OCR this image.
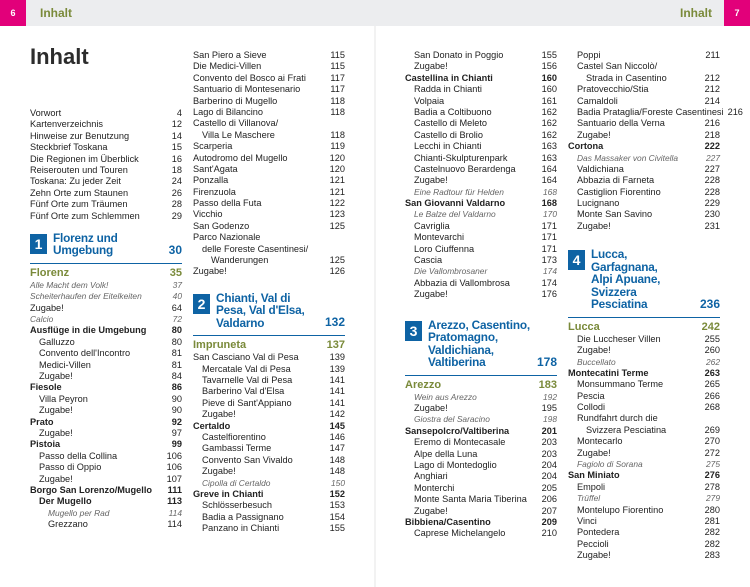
6	Inhalt	Inhalt	7
Inhalt
Vorwort	4
Kartenverzeichnis	12
Hinweise zur Benutzung	14
Steckbrief Toskana	15
Die Regionen im Überblick	16
Reiserouten und Touren	18
Toskana: Zu jeder Zeit	24
Zehn Orte zum Staunen	26
Fünf Orte zum Träumen	28
Fünf Orte zum Schlemmen	29
1 Florenz und
Umgebung	30
Florenz	35
Alle Macht dem Volk!	37
Scheiterhaufen der Eitelkeiten	40
Zugabe!	64
Calcio	72
Ausflüge in die Umgebung	80
Galluzzo	80
Convento dell'Incontro	81
Medici-Villen	81
Zugabe!	84
Fiesole	86
Villa Peyron	90
Zugabe!	90
Prato	92
Zugabe!	97
Pistoia	99
Passo della Collina	106
Passo di Oppio	106
Zugabe!	107
Borgo San Lorenzo/Mugello	111
Der Mugello	113
Mugello per Rad	114
Grezzano	114
San Piero a Sieve	115
Die Medici-Villen	115
Convento del Bosco ai Frati	117
Santuario di Montesenario	117
Barberino di Mugello	118
Lago di Bilancino	118
Castello di Villanova/
Villa Le Maschere	118
Scarperia	119
Autodromo del Mugello	120
Sant'Agata	120
Ponzalla	121
Firenzuola	121
Passo della Futa	122
Vicchio	123
San Godenzo	125
Parco Nazionale
delle Foreste Casentinesi/
Wanderungen	125
Zugabe!	126
2 Chianti, Val di
Pesa, Val d'Elsa,
Valdarno	132
Impruneta	137
San Casciano Val di Pesa	139
Mercatale Val di Pesa	139
Tavarnelle Val di Pesa	141
Barberino Val d'Elsa	141
Pieve di Sant'Appiano	141
Zugabe!	142
Certaldo	145
Castelfiorentino	146
Gambassi Terme	147
Convento San Vivaldo	148
Zugabe!	148
Cipolla di Certaldo	150
Greve in Chianti	152
Schlösserbesuch	153
Badia a Passignano	154
Panzano in Chianti	155
San Donato in Poggio	155
Zugabe!	156
Castellina in Chianti	160
Radda in Chianti	160
Volpaia	161
Badia a Coltibuono	162
Castello di Meleto	162
Castello di Brolio	162
Lecchi in Chianti	163
Chianti-Skulpturenpark	163
Castelnuovo Berardenga	164
Zugabe!	164
Eine Radtour für Helden	168
San Giovanni Valdarno	168
Le Balze del Valdarno	170
Cavriglia	171
Montevarchi	171
Loro Ciuffenna	171
Cascia	173
Die Vallombrosaner	174
Abbazia di Vallombrosa	174
Zugabe!	176
3 Arezzo, Casentino,
Pratomagno,
Valdichiana,
Valtiberina	178
Arezzo	183
Wein aus Arezzo	192
Zugabe!	195
Giostra del Saracino	198
Sansepolcro/Valtiberina	201
Eremo di Montecasale	203
Alpe della Luna	203
Lago di Montedoglio	204
Anghiari	204
Monterchi	205
Monte Santa Maria Tiberina	206
Zugabe!	207
Bibbiena/Casentino	209
Caprese Michelangelo	210
Poppi	211
Castel San Niccolò/
Strada in Casentino	212
Pratovecchio/Stia	212
Camaldoli	214
Badia Prataglia/Foreste Casentinesi 216
Santuario della Verna	216
Zugabe!	218
Cortona	222
Das Massaker von Civitella	227
Valdichiana	227
Abbazia di Farneta	228
Castiglion Fiorentino	228
Lucignano	229
Monte San Savino	230
Zugabe!	231
4 Lucca, Garfagnana,
Alpi Apuane, Svizzera
Pesciatina	236
Lucca	242
Die Luccheser Villen	255
Zugabe!	260
Buccellato	262
Montecatini Terme	263
Monsummano Terme	265
Pescia	266
Collodi	268
Rundfahrt durch die
Svizzera Pesciatina	269
Montecarlo	270
Zugabe!	272
Fagiolo di Sorana	275
San Miniato	276
Empoli	278
Trüffel	279
Montelupo Fiorentino	280
Vinci	281
Pontedera	282
Peccioli	282
Zugabe!	283
